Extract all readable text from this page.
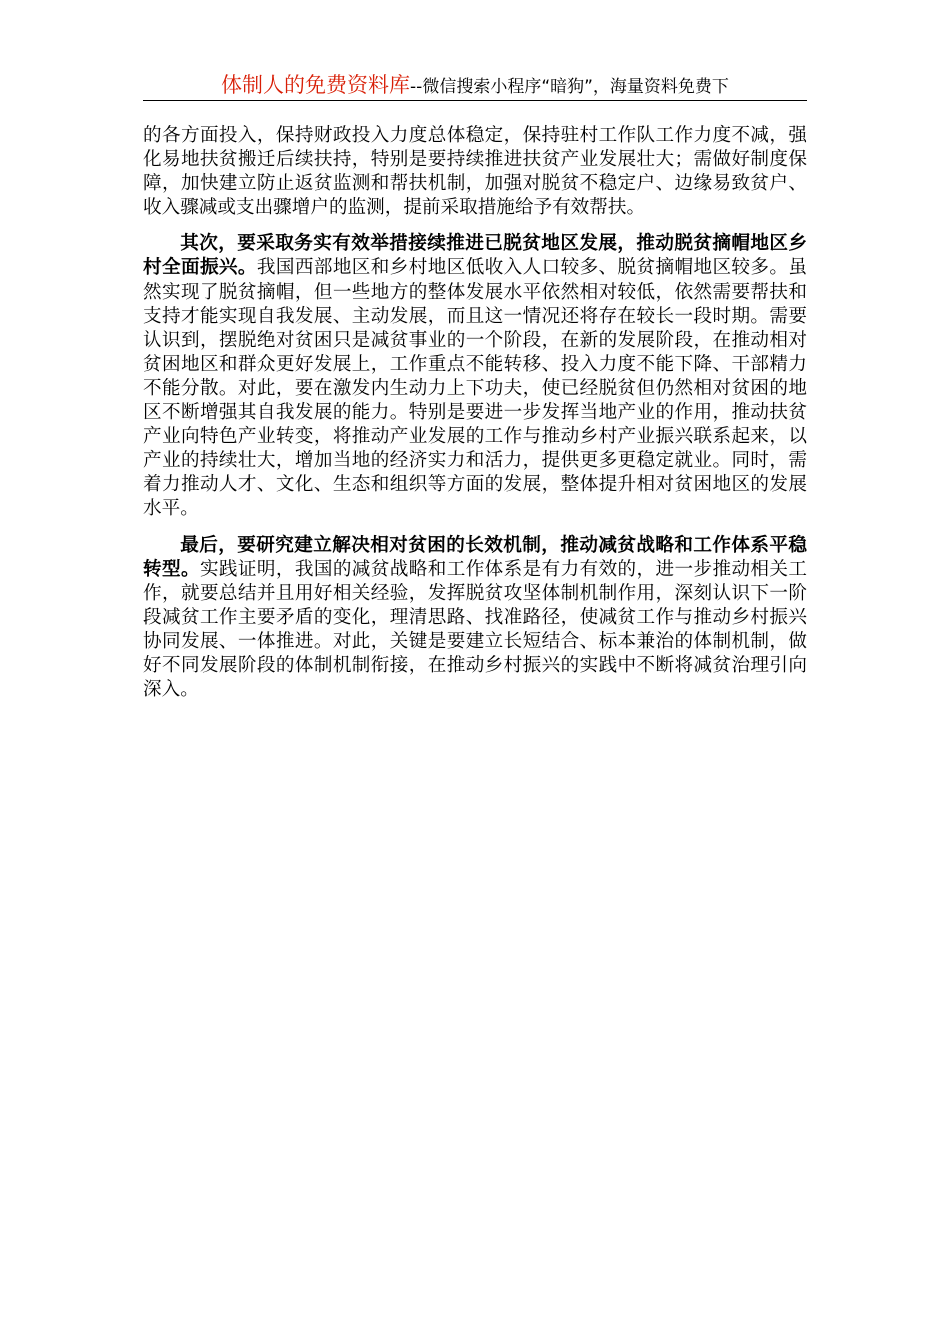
体制人的免费资料库--微信搜索小程序“暗狗”，海量资料免费下

的各方面投入，保持财政投入力度总体稳定，保持驻村工作队工作力度不减，强化易地扶贫搬迁后续扶持，特别是要持续推进扶贫产业发展壮大；需做好制度保障，加快建立防止返贫监测和帮扶机制，加强对脱贫不稳定户、边缘易致贫户、收入骤减或支出骤增户的监测，提前采取措施给予有效帮扶。

其次，要采取务实有效举措接续推进已脱贫地区发展，推动脱贫摘帽地区乡村全面振兴。我国西部地区和乡村地区低收入人口较多、脱贫摘帽地区较多。虽然实现了脱贫摘帽，但一些地方的整体发展水平依然相对较低，依然需要帮扶和支持才能实现自我发展、主动发展，而且这一情况还将存在较长一段时期。需要认识到，摆脱绝对贫困只是减贫事业的一个阶段，在新的发展阶段，在推动相对贫困地区和群众更好发展上，工作重点不能转移、投入力度不能下降、干部精力不能分散。对此，要在激发内生动力上下功夫，使已经脱贫但仍然相对贫困的地区不断增强其自我发展的能力。特别是要进一步发挥当地产业的作用，推动扶贫产业向特色产业转变，将推动产业发展的工作与推动乡村产业振兴联系起来，以产业的持续壮大，增加当地的经济实力和活力，提供更多更稳定就业。同时，需着力推动人才、文化、生态和组织等方面的发展，整体提升相对贫困地区的发展水平。

最后，要研究建立解决相对贫困的长效机制，推动减贫战略和工作体系平稳转型。实践证明，我国的减贫战略和工作体系是有力有效的，进一步推动相关工作，就要总结并且用好相关经验，发挥脱贫攻坚体制机制作用，深刻认识下一阶段减贫工作主要矛盾的变化，理清思路、找准路径，使减贫工作与推动乡村振兴协同发展、一体推进。对此，关键是要建立长短结合、标本兼治的体制机制，做好不同发展阶段的体制机制衔接，在推动乡村振兴的实践中不断将减贫治理引向深入。
